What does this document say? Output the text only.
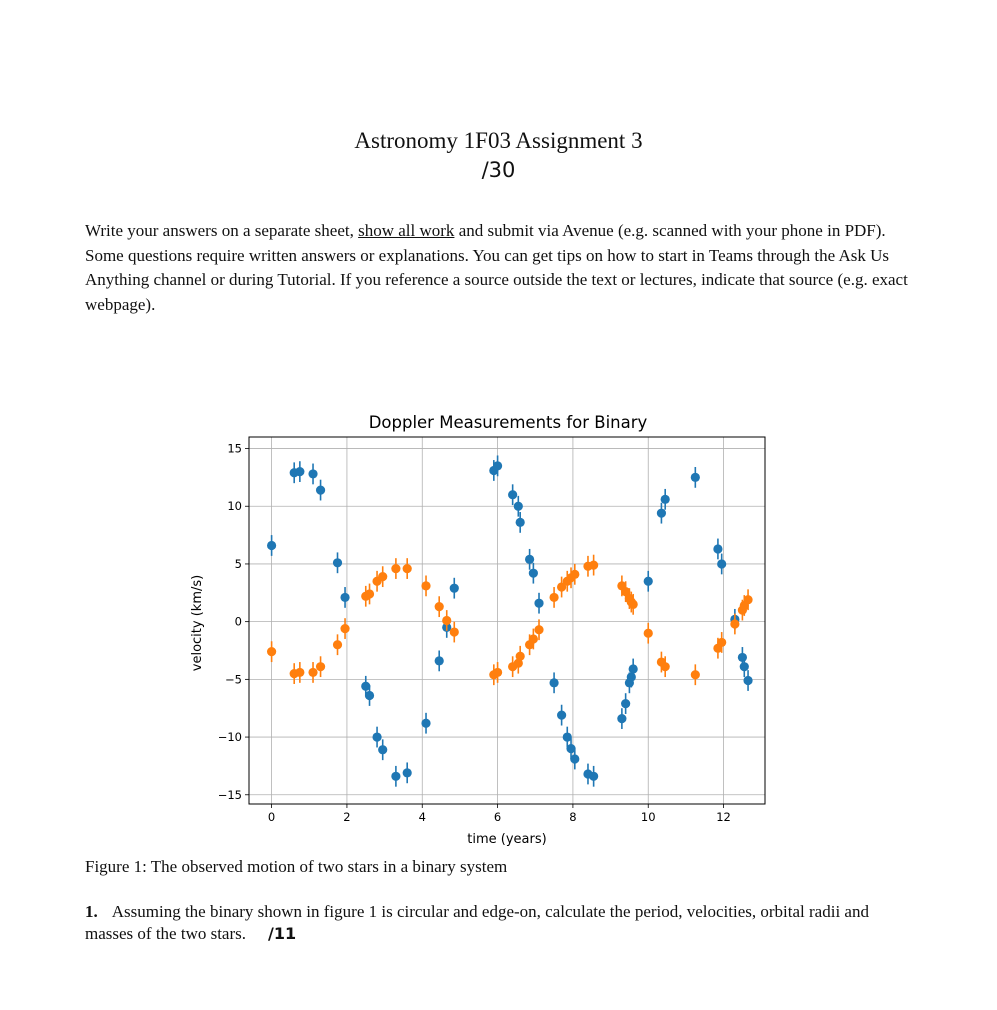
Astronomy 1F03 Assignment 3
/30
Write your answers on a separate sheet, show all work and submit via Avenue (e.g. scanned with your phone in PDF). Some questions require written answers or explanations. You can get tips on how to start in Teams through the Ask Us Anything channel or during Tutorial. If you reference a source outside the text or lectures, indicate that source (e.g. exact webpage).
Doppler Measurements for Binary
velocity (km/s)
time (years)
0	2	4	6	8	10	12
−15
−10
−5
0
5
10
15
Figure 1: The observed motion of two stars in a binary system
1. Assuming the binary shown in figure 1 is circular and edge-on, calculate the period, velocities, orbital radii and masses of the two stars. /11
